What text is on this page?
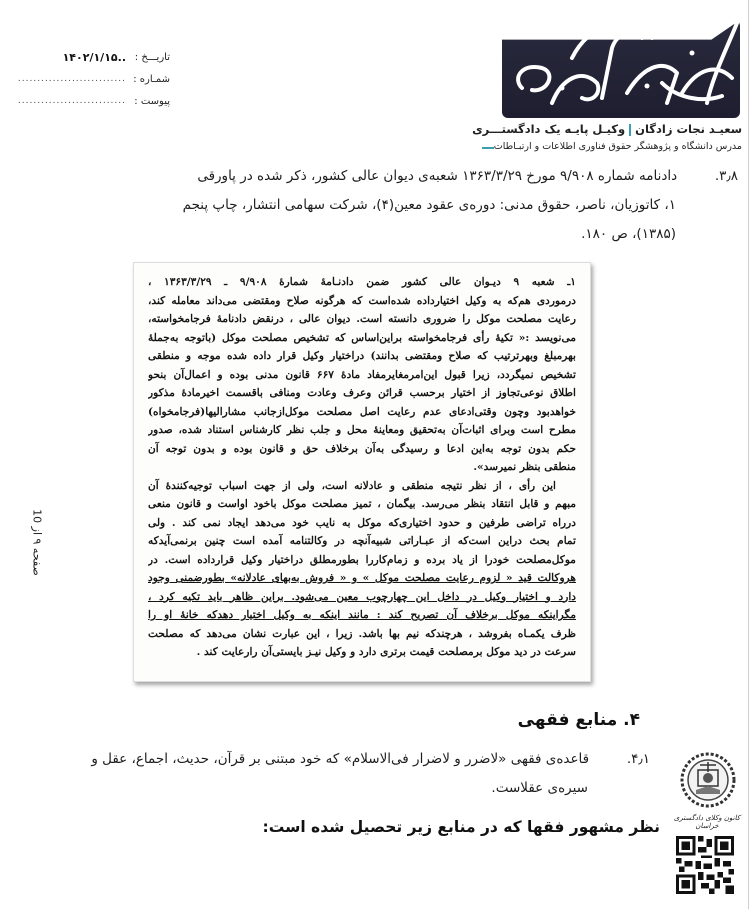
تاریـــخ :
..۱۴۰۲/۱/۱۵
شمـاره :
............................
پیوست :
............................
سعیـد نجات زادگانوکیـل پایـه یک دادگستـــری
مدرس دانشگاه و پژوهشگر حقوق فناوری اطلاعات و ارتبـاطات
۳٫۸.   دادنامه شماره ۹/۹۰۸ مورخ ۱۳۶۳/۳/۲۹ شعبه‌ی دیوان عالی کشور، ذکر شده در پاورقی
۱، کاتوزیان، ناصر، حقوق مدنی: دوره‌ی عقود معین(۴)، شرکت سهامی انتشار، چاپ پنجم
(۱۳۸۵)، ص ۱۸۰.
۱ـ شعبه ۹ دیـوان عالی کشور ضمن دادنـامهٔ شمارهٔ ۹/۹۰۸ ـ ۱۳۶۳/۳/۲۹ ،
درموردی هم‌که به وکیل اختیارداده شده‌است که هرگونه صلاح ومقتضی می‌داند معامله کند،
رعایت مصلحت موکل را ضروری دانسته است. دیوان عالی ، درنقض دادنامهٔ فرجامخواسته،
می‌نویسد :« تکیهٔ رأی فرجامخواسته براین‌اساس که تشخیص مصلحت موکل (باتوجه به‌جملهٔ
بهرمبلغ وبهرترتیب که صلاح ومقتضی بدانند) دراختیار وکیل قرار داده شده موجه و منطقی
تشخیص نمیگردد، زیرا قبول این‌امرمغایرمفاد مادهٔ ۶۶۷ قانون مدنی بوده و اعمال‌آن بنحو
اطلاق نوعی‌تجاوز از اختیار برحسب قرائن وعرف وعادت ومنافی باقسمت اخیرمادهٔ مذکور
خواهدبود وچون وقتی‌ادعای عدم رعایت اصل مصلحت موکل‌ازجانب مشارالیها(فرجامخواه)
مطرح است وبرای اثبات‌آن به‌تحقیق ومعاینهٔ محل و جلب نظر کارشناس استناد شده، صدور
حکم بدون توجه به‌این ادعا و رسیدگی به‌آن برخلاف حق و قانون بوده و بدون توجه آن
منطقی بنظر نمیرسد».
این رأی ، از نظر نتیجه منطقی و عادلانه است، ولی از جهت اسباب توجیه‌کنندهٔ آن
مبهم و قابل انتقاد بنظر می‌رسد. بیگمان ، تمیز مصلحت موکل باخود اواست و قانون منعی
درراه تراضی طرفین و حدود اختیاری‌که موکل به نایب خود می‌دهد ایجاد نمی کند . ولی
تمام بحث دراین است‌که از عبـاراتی شبیه‌آنچه در وکالتنامه آمده است چنین برنمی‌آیدکه
موکل‌مصلحت خودرا از یاد برده و زمام‌کاررا بطورمطلق دراختیار وکیل قرارداده است. در
هروکالت قید « لزوم رعایت مصلحت موکل » و « فروش به‌بهای عادلانه» بطورضمنی وجود
دارد و اختیار وکیل در داخل این چهارچوب معین می‌شود. براین ظاهر باید تکیه کرد ،
مگراینکه موکل برخلاف آن تصریح کند : مانند اینکه به وکیل اختیار دهدکه خانهٔ او را
ظرف یکمـاه بفروشد ، هرچندکه نیم بها باشد. زیرا ، این عبارت نشان می‌دهد که مصلحت
سرعت در دید موکل برمصلحت قیمت برتری دارد و وکیل نیـز بایستی‌آن رارعایت کند .
صفحه ۹ از 10
۴. منابع فقهی
۴٫۱.   قاعده‌ی فقهی «لاضرر و لاضرار فی‌الاسلام» که خود مبتنی بر قرآن، حدیث، اجماع، عقل و
سیره‌ی عقلاست.
نظر مشهور فقها که در منابع زیر تحصیل شده است: کانون وکلای دادگستری خراسان
